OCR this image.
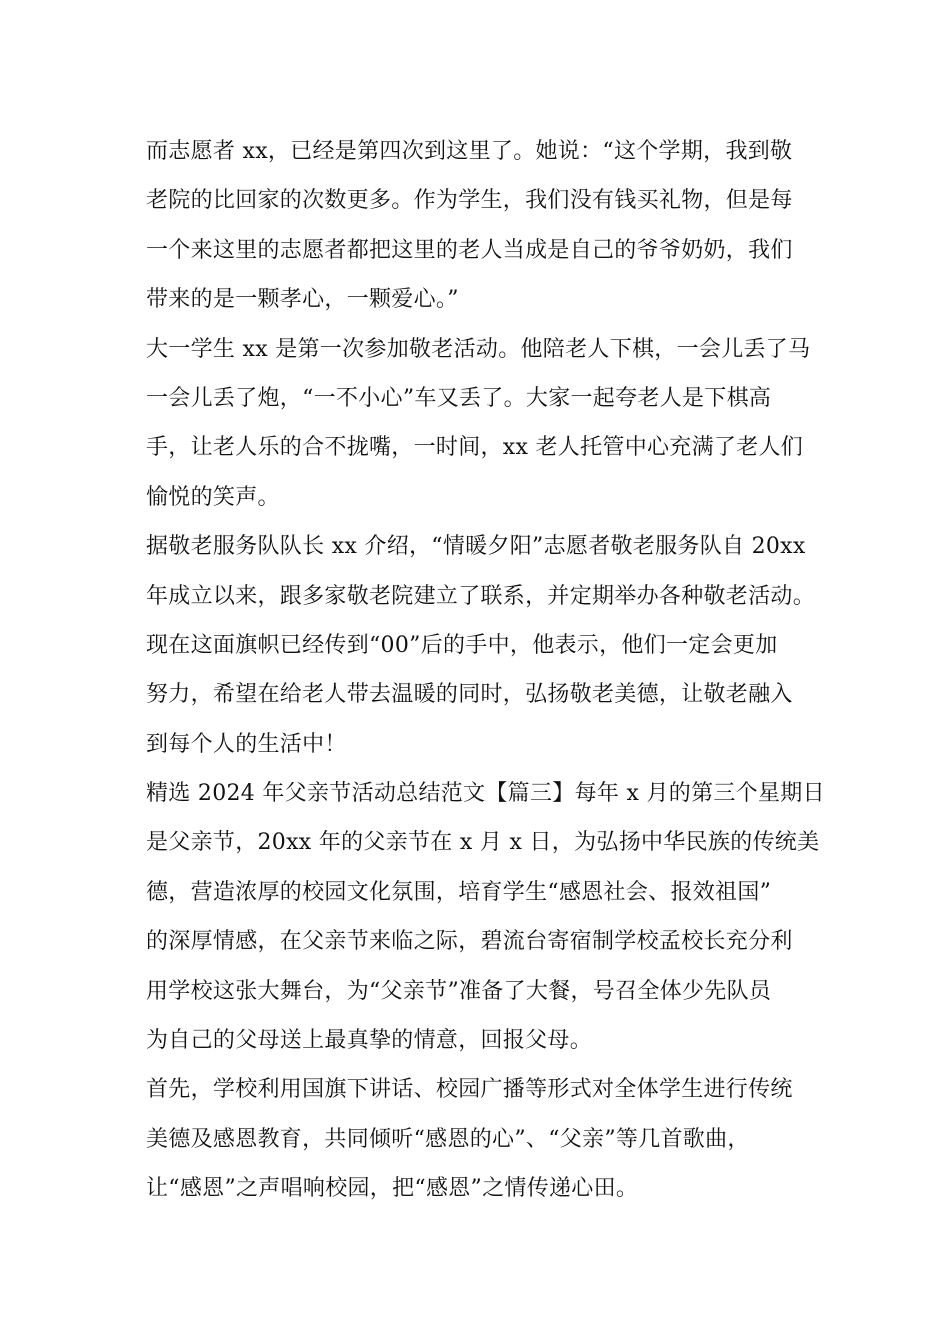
而志愿者 xx，已经是第四次到这里了。她说：“这个学期，我到敬
老院的比回家的次数更多。作为学生，我们没有钱买礼物，但是每
一个来这里的志愿者都把这里的老人当成是自己的爷爷奶奶，我们
带来的是一颗孝心，一颗爱心。”
大一学生 xx 是第一次参加敬老活动。他陪老人下棋，一会儿丢了马
一会儿丢了炮，“一不小心”车又丢了。大家一起夸老人是下棋高
手，让老人乐的合不拢嘴，一时间，xx 老人托管中心充满了老人们
愉悦的笑声。
据敬老服务队队长 xx 介绍，“情暖夕阳”志愿者敬老服务队自 20xx
年成立以来，跟多家敬老院建立了联系，并定期举办各种敬老活动。
现在这面旗帜已经传到“00”后的手中，他表示，他们一定会更加
努力，希望在给老人带去温暖的同时，弘扬敬老美德，让敬老融入
到每个人的生活中！
精选 2024 年父亲节活动总结范文【篇三】每年 x 月的第三个星期日
是父亲节，20xx 年的父亲节在 x 月 x 日，为弘扬中华民族的传统美
德，营造浓厚的校园文化氛围，培育学生“感恩社会、报效祖国”
的深厚情感，在父亲节来临之际，碧流台寄宿制学校孟校长充分利
用学校这张大舞台，为“父亲节”准备了大餐，号召全体少先队员
为自己的父母送上最真挚的情意，回报父母。
首先，学校利用国旗下讲话、校园广播等形式对全体学生进行传统
美德及感恩教育，共同倾听“感恩的心”、“父亲”等几首歌曲，
让“感恩”之声唱响校园，把“感恩”之情传递心田。
